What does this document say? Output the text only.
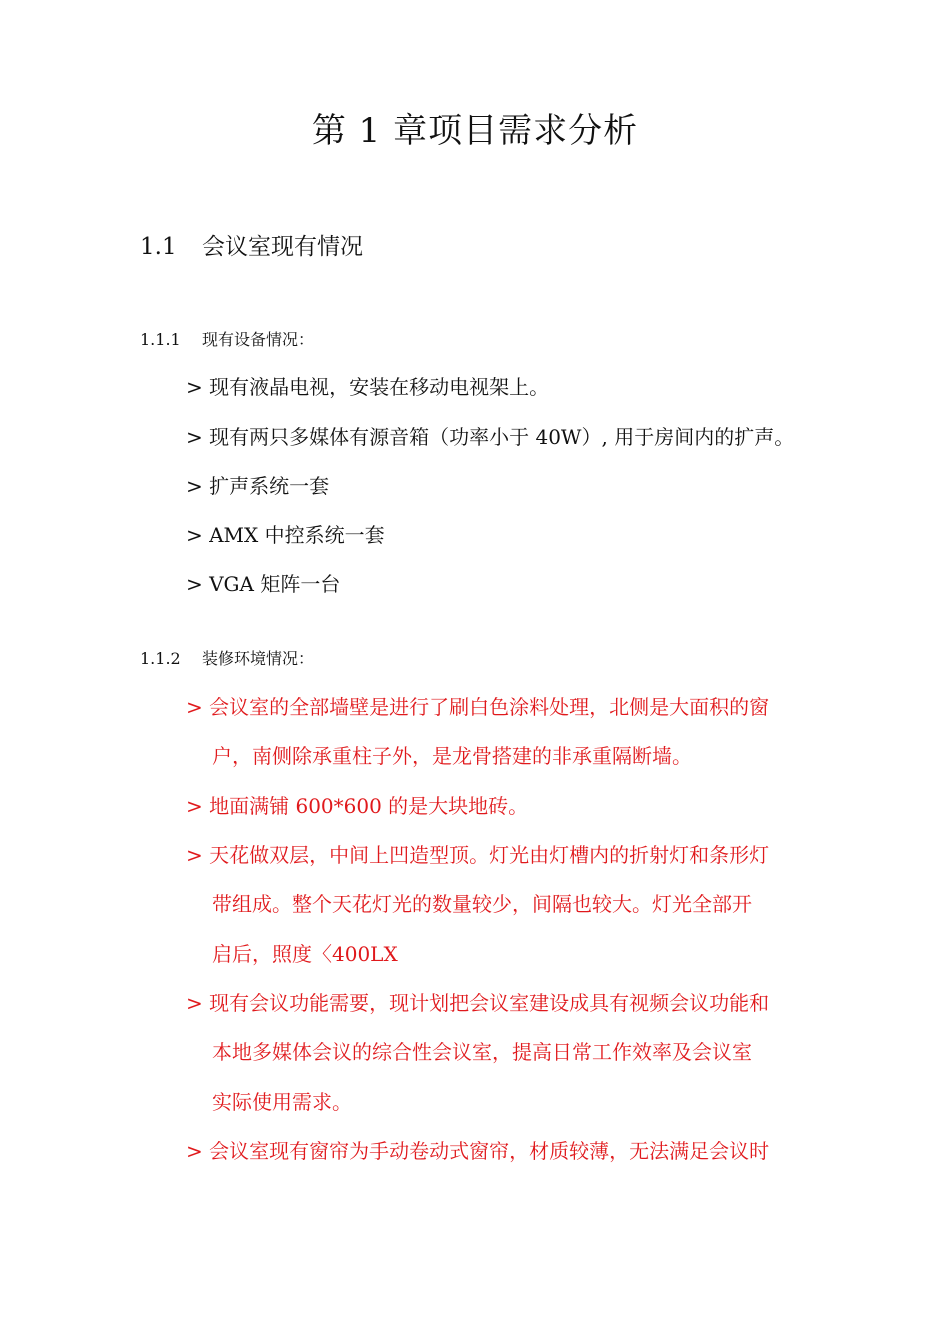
第 1 章项目需求分析
1.1 会议室现有情况
1.1.1 现有设备情况：
> 现有液晶电视，安装在移动电视架上。
> 现有两只多媒体有源音箱（功率小于 40W）, 用于房间内的扩声。
> 扩声系统一套
> AMX 中控系统一套
> VGA 矩阵一台
1.1.2 装修环境情况：
> 会议室的全部墙壁是进行了刷白色涂料处理，北侧是大面积的窗
户，南侧除承重柱子外，是龙骨搭建的非承重隔断墙。
> 地面满铺 600*600 的是大块地砖。
> 天花做双层，中间上凹造型顶。灯光由灯槽内的折射灯和条形灯
带组成。整个天花灯光的数量较少，间隔也较大。灯光全部开
启后，照度〈400LX
> 现有会议功能需要，现计划把会议室建设成具有视频会议功能和
本地多媒体会议的综合性会议室，提高日常工作效率及会议室
实际使用需求。
> 会议室现有窗帘为手动卷动式窗帘，材质较薄，无法满足会议时
